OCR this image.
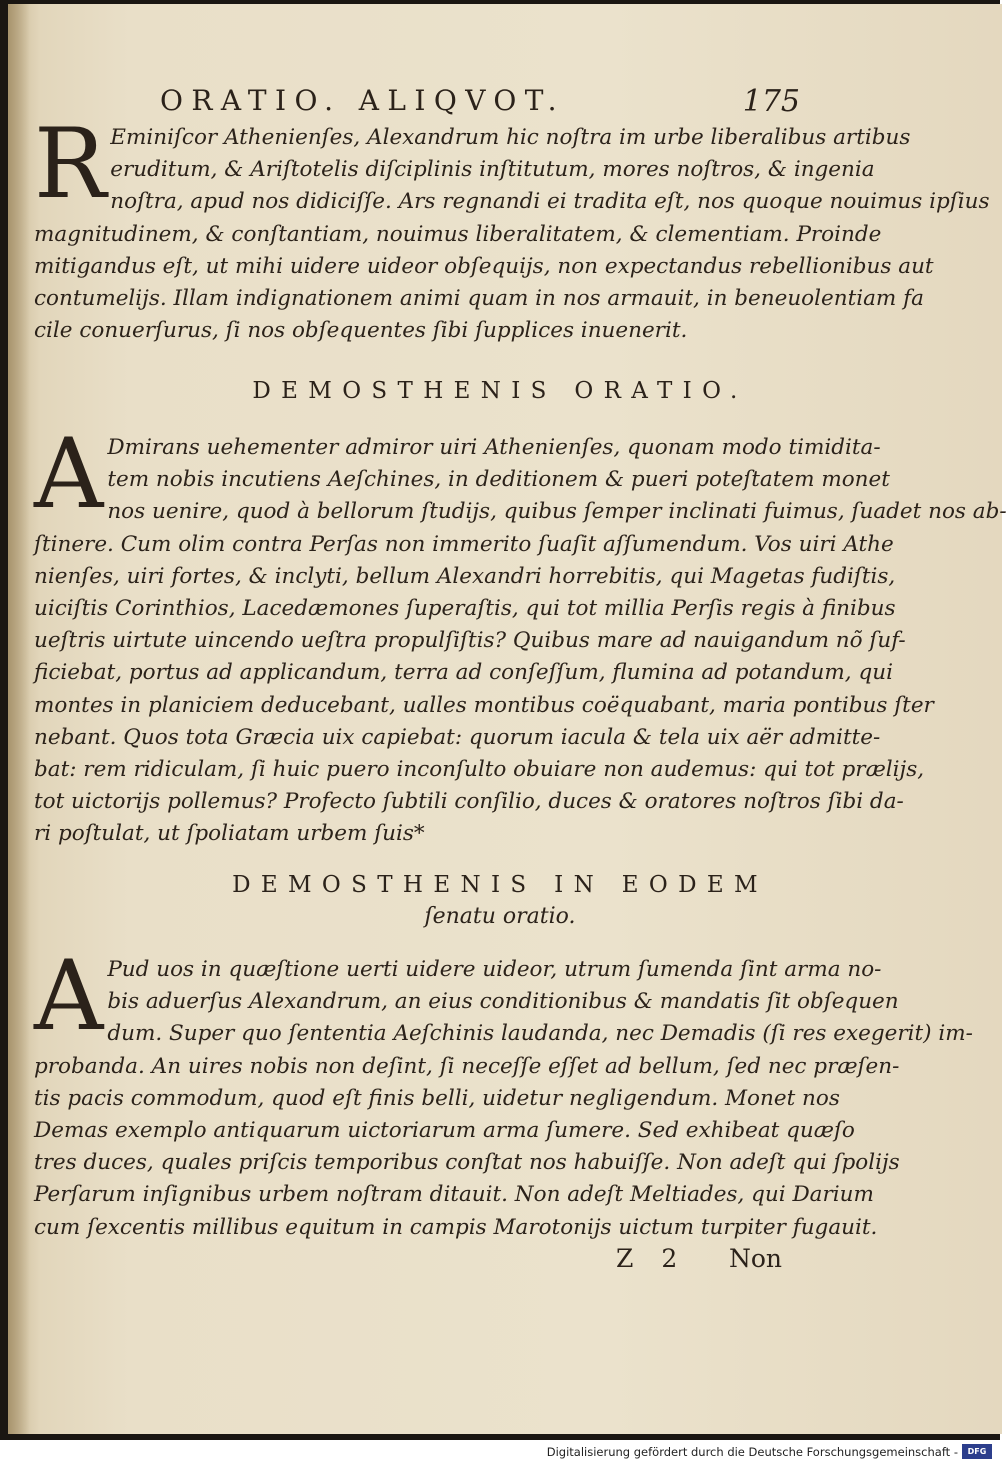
ORATIO. ALIQVOT.	175
R Eminiſcor Athenienſes, Alexandrum hic noſtra im urbe liberalibus artibus
eruditum, & Ariſtotelis diſciplinis inſtitutum, mores noſtros, & ingenia
noſtra, apud nos didiciſſe. Ars regnandi ei tradita eſt, nos quoque nouimus ipſius
magnitudinem, & conſtantiam, nouimus liberalitatem, & clementiam. Proinde
mitigandus eſt, ut mihi uidere uideor obſequijs, non expectandus rebellionibus aut
contumelijs. Illam indignationem animi quam in nos armauit, in beneuolentiam fa
cile conuerſurus, ſi nos obſequentes ſibi ſupplices inuenerit.
DEMOSTHENIS ORATIO.
A Dmirans uehementer admiror uiri Athenienſes, quonam modo timidita-
tem nobis incutiens Aeſchines, in deditionem & pueri poteſtatem monet
nos uenire, quod à bellorum ſtudijs, quibus ſemper inclinati fuimus, ſuadet nos ab-
ſtinere. Cum olim contra Perſas non immerito ſuaſit aſſumendum. Vos uiri Athe
nienſes, uiri fortes, & inclyti, bellum Alexandri horrebitis, qui Magetas fudiſtis,
uiciſtis Corinthios, Lacedæmones ſuperaſtis, qui tot millia Perſis regis à finibus
ueſtris uirtute uincendo ueſtra propulſiſtis? Quibus mare ad nauigandum nõ ſuf-
ficiebat, portus ad applicandum, terra ad conſeſſum, flumina ad potandum, qui
montes in planiciem deducebant, ualles montibus coëquabant, maria pontibus ſter
nebant. Quos tota Græcia uix capiebat: quorum iacula & tela uix aër admitte-
bat: rem ridiculam, ſi huic puero inconſulto obuiare non audemus: qui tot prælijs,
tot uictorijs pollemus? Profecto ſubtili conſilio, duces & oratores noſtros ſibi da-
ri poſtulat, ut ſpoliatam urbem ſuis*
DEMOSTHENIS IN EODEM
ſenatu oratio.
A Pud uos in quæſtione uerti uidere uideor, utrum ſumenda ſint arma no-
bis aduerſus Alexandrum, an eius conditionibus & mandatis ſit obſequen
dum. Super quo ſententia Aeſchinis laudanda, nec Demadis (ſi res exegerit) im-
probanda. An uires nobis non deſint, ſi neceſſe eſſet ad bellum, ſed nec præſen-
tis pacis commodum, quod eſt finis belli, uidetur negligendum. Monet nos
Demas exemplo antiquarum uictoriarum arma ſumere. Sed exhibeat quæſo
tres duces, quales priſcis temporibus conſtat nos habuiſſe. Non adeſt qui ſpolijs
Perſarum inſignibus urbem noſtram ditauit. Non adeſt Meltiades, qui Darium
cum ſexcentis millibus equitum in campis Marotonijs uictum turpiter fugauit.
Z 2 Non
Digitalisierung gefördert durch die Deutsche Forschungsgemeinschaft -	DFG
